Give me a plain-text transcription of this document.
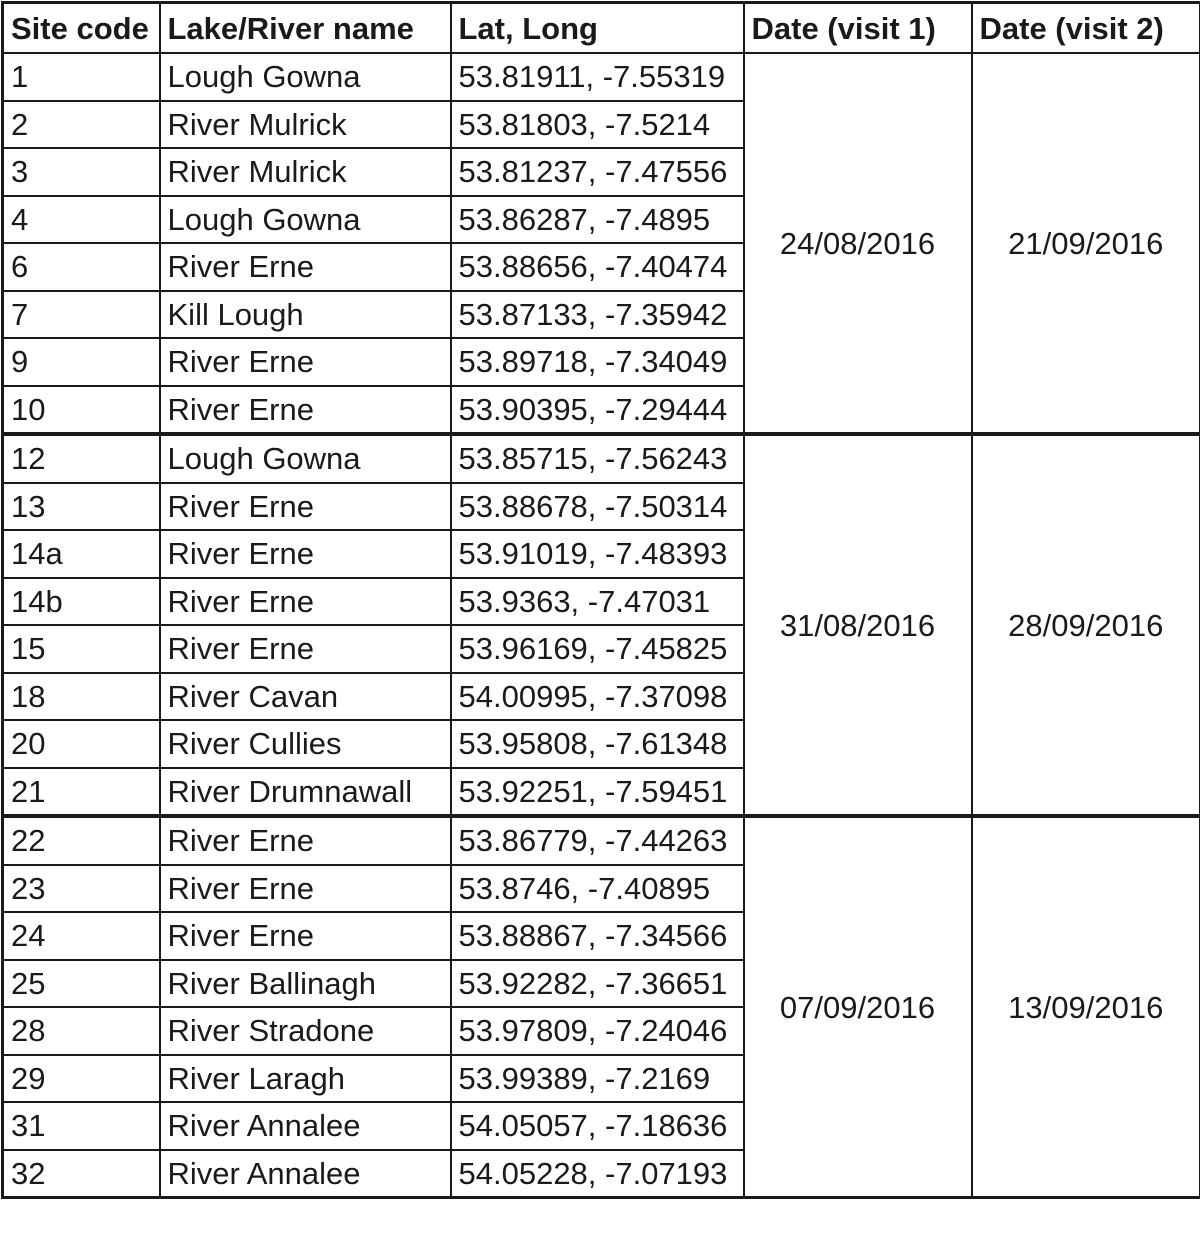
Site code	Lake/River name	Lat, Long	Date (visit 1)	Date (visit 2)
1	Lough Gowna	53.81911, -7.55319	24/08/2016	21/09/2016
2	River Mulrick	53.81803, -7.5214		
3	River Mulrick	53.81237, -7.47556		
4	Lough Gowna	53.86287, -7.4895		
6	River Erne	53.88656, -7.40474		
7	Kill Lough	53.87133, -7.35942		
9	River Erne	53.89718, -7.34049		
10	River Erne	53.90395, -7.29444		
12	Lough Gowna	53.85715, -7.56243	31/08/2016	28/09/2016
13	River Erne	53.88678, -7.50314		
14a	River Erne	53.91019, -7.48393		
14b	River Erne	53.9363, -7.47031		
15	River Erne	53.96169, -7.45825		
18	River Cavan	54.00995, -7.37098		
20	River Cullies	53.95808, -7.61348		
21	River Drumnawall	53.92251, -7.59451		
22	River Erne	53.86779, -7.44263	07/09/2016	13/09/2016
23	River Erne	53.8746, -7.40895		
24	River Erne	53.88867, -7.34566		
25	River Ballinagh	53.92282, -7.36651		
28	River Stradone	53.97809, -7.24046		
29	River Laragh	53.99389, -7.2169		
31	River Annalee	54.05057, -7.18636		
32	River Annalee	54.05228, -7.07193		
